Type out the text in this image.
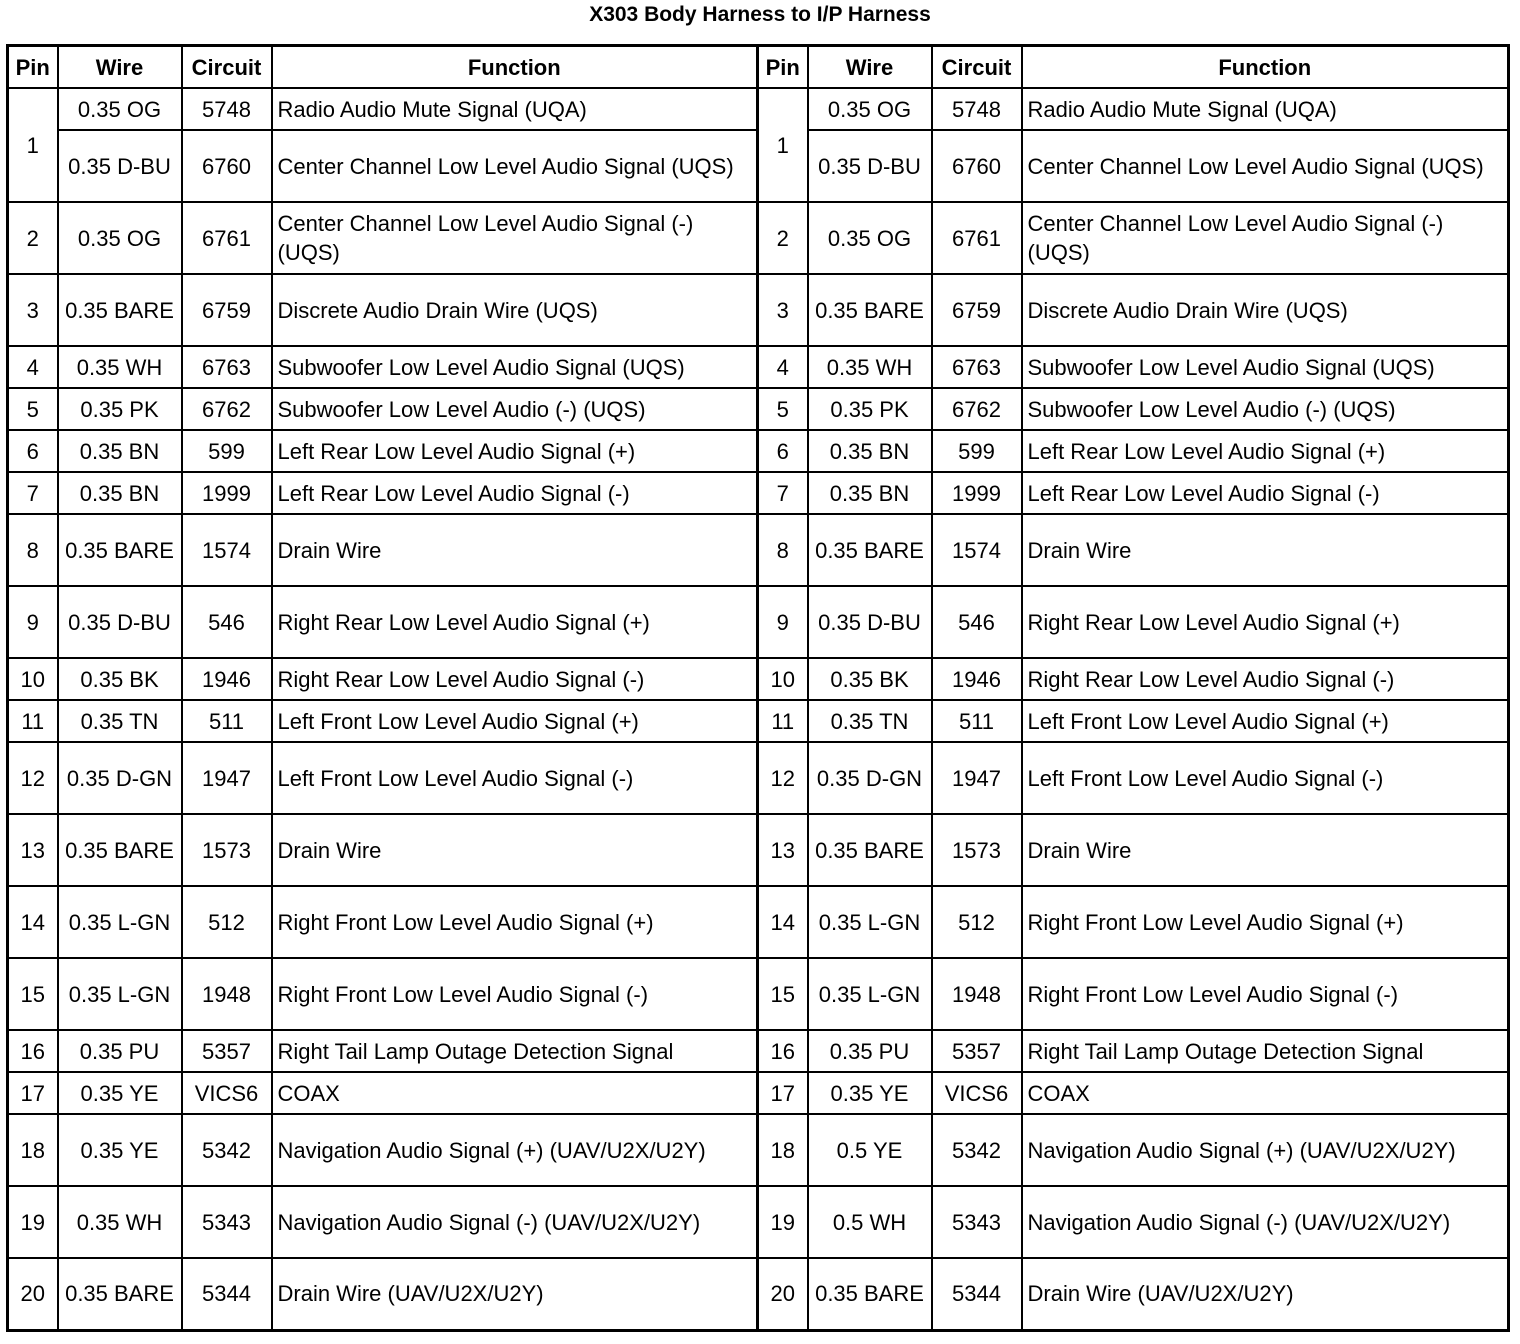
X303 Body Harness to I/P Harness
Pin	Wire	Circuit	Function	Pin	Wire	Circuit	Function
1	0.35 OG	5748	Radio Audio Mute Signal (UQA)	1	0.35 OG	5748	Radio Audio Mute Signal (UQA)
	0.35 D-BU	6760	Center Channel Low Level Audio Signal (UQS)		0.35 D-BU	6760	Center Channel Low Level Audio Signal (UQS)
2	0.35 OG	6761	Center Channel Low Level Audio Signal (-) (UQS)	2	0.35 OG	6761	Center Channel Low Level Audio Signal (-) (UQS)
3	0.35 BARE	6759	Discrete Audio Drain Wire (UQS)	3	0.35 BARE	6759	Discrete Audio Drain Wire (UQS)
4	0.35 WH	6763	Subwoofer Low Level Audio Signal (UQS)	4	0.35 WH	6763	Subwoofer Low Level Audio Signal (UQS)
5	0.35 PK	6762	Subwoofer Low Level Audio (-) (UQS)	5	0.35 PK	6762	Subwoofer Low Level Audio (-) (UQS)
6	0.35 BN	599	Left Rear Low Level Audio Signal (+)	6	0.35 BN	599	Left Rear Low Level Audio Signal (+)
7	0.35 BN	1999	Left Rear Low Level Audio Signal (-)	7	0.35 BN	1999	Left Rear Low Level Audio Signal (-)
8	0.35 BARE	1574	Drain Wire	8	0.35 BARE	1574	Drain Wire
9	0.35 D-BU	546	Right Rear Low Level Audio Signal (+)	9	0.35 D-BU	546	Right Rear Low Level Audio Signal (+)
10	0.35 BK	1946	Right Rear Low Level Audio Signal (-)	10	0.35 BK	1946	Right Rear Low Level Audio Signal (-)
11	0.35 TN	511	Left Front Low Level Audio Signal (+)	11	0.35 TN	511	Left Front Low Level Audio Signal (+)
12	0.35 D-GN	1947	Left Front Low Level Audio Signal (-)	12	0.35 D-GN	1947	Left Front Low Level Audio Signal (-)
13	0.35 BARE	1573	Drain Wire	13	0.35 BARE	1573	Drain Wire
14	0.35 L-GN	512	Right Front Low Level Audio Signal (+)	14	0.35 L-GN	512	Right Front Low Level Audio Signal (+)
15	0.35 L-GN	1948	Right Front Low Level Audio Signal (-)	15	0.35 L-GN	1948	Right Front Low Level Audio Signal (-)
16	0.35 PU	5357	Right Tail Lamp Outage Detection Signal	16	0.35 PU	5357	Right Tail Lamp Outage Detection Signal
17	0.35 YE	VICS6	COAX	17	0.35 YE	VICS6	COAX
18	0.35 YE	5342	Navigation Audio Signal (+) (UAV/U2X/U2Y)	18	0.5 YE	5342	Navigation Audio Signal (+) (UAV/U2X/U2Y)
19	0.35 WH	5343	Navigation Audio Signal (-) (UAV/U2X/U2Y)	19	0.5 WH	5343	Navigation Audio Signal (-) (UAV/U2X/U2Y)
20	0.35 BARE	5344	Drain Wire (UAV/U2X/U2Y)	20	0.35 BARE	5344	Drain Wire (UAV/U2X/U2Y)
